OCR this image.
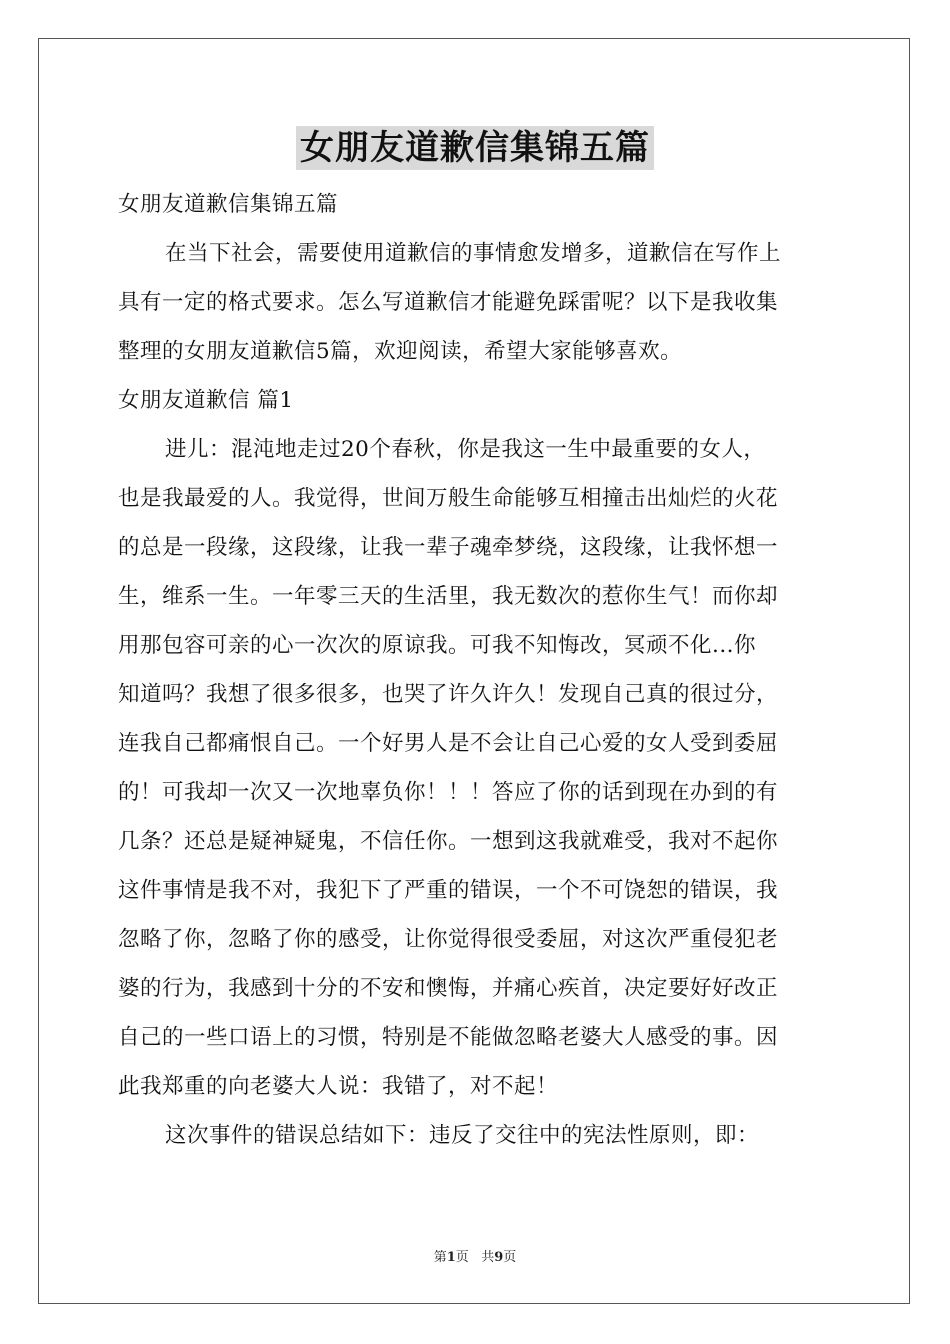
女朋友道歉信集锦五篇
女朋友道歉信集锦五篇
在当下社会，需要使用道歉信的事情愈发增多，道歉信在写作上
具有一定的格式要求。怎么写道歉信才能避免踩雷呢？以下是我收集
整理的女朋友道歉信5篇，欢迎阅读，希望大家能够喜欢。
女朋友道歉信 篇1
进儿：混沌地走过20个春秋，你是我这一生中最重要的女人，
也是我最爱的人。我觉得，世间万般生命能够互相撞击出灿烂的火花
的总是一段缘，这段缘，让我一辈子魂牵梦绕，这段缘，让我怀想一
生，维系一生。一年零三天的生活里，我无数次的惹你生气！而你却
用那包容可亲的心一次次的原谅我。可我不知悔改，冥顽不化...你
知道吗？我想了很多很多，也哭了许久许久！发现自己真的很过分，
连我自己都痛恨自己。一个好男人是不会让自己心爱的女人受到委屈
的！可我却一次又一次地辜负你！！！答应了你的话到现在办到的有
几条？还总是疑神疑鬼，不信任你。一想到这我就难受，我对不起你
这件事情是我不对，我犯下了严重的错误，一个不可饶恕的错误，我
忽略了你，忽略了你的感受，让你觉得很受委屈，对这次严重侵犯老
婆的行为，我感到十分的不安和懊悔，并痛心疾首，决定要好好改正
自己的一些口语上的习惯，特别是不能做忽略老婆大人感受的事。因
此我郑重的向老婆大人说：我错了，对不起！
这次事件的错误总结如下：违反了交往中的宪法性原则，即：
第1页 共9页
